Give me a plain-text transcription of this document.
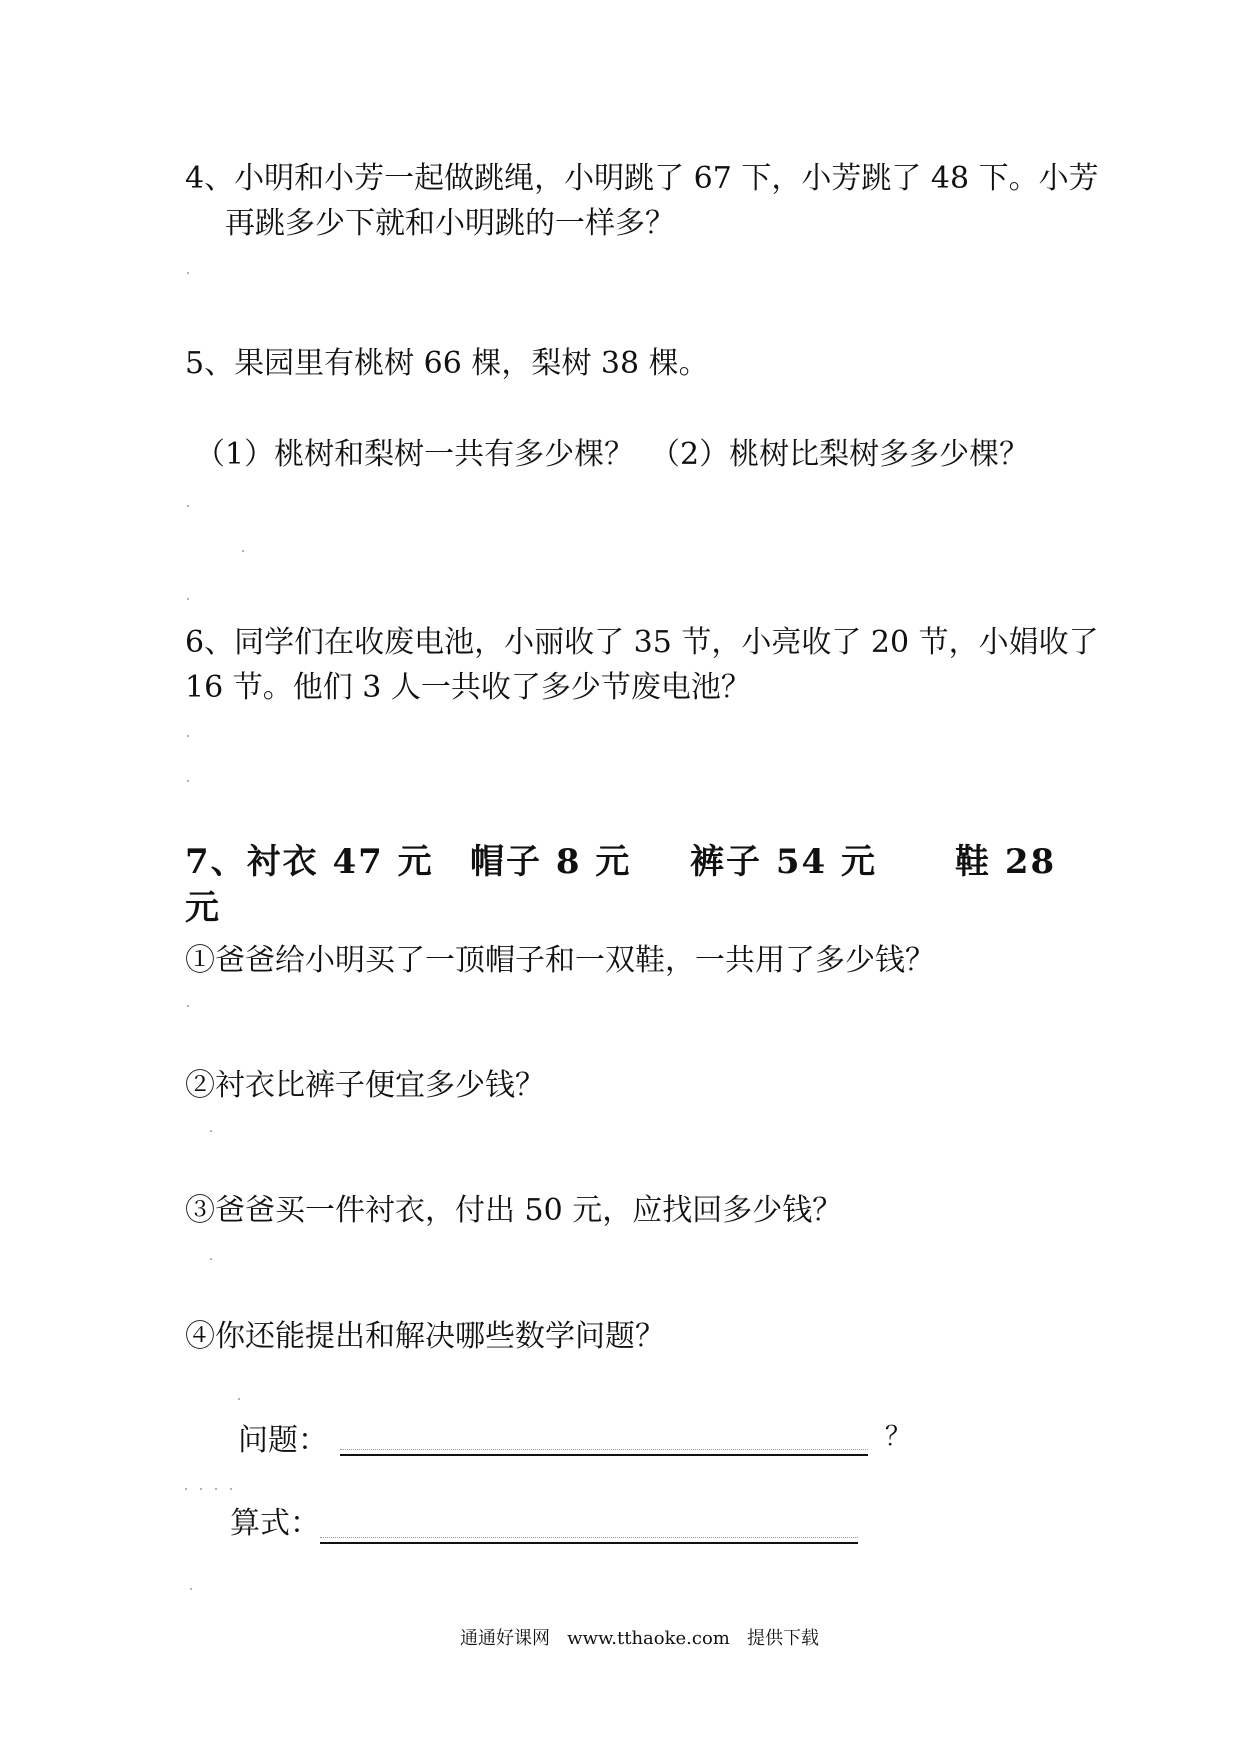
4、小明和小芳一起做跳绳，小明跳了 67 下，小芳跳了 48 下。小芳
再跳多少下就和小明跳的一样多？
5、果园里有桃树 66 棵，梨树 38 棵。
（1）桃树和梨树一共有多少棵？ （2）桃树比梨树多多少棵？
6、同学们在收废电池，小丽收了 35 节，小亮收了 20 节，小娟收了
16 节。他们 3 人一共收了多少节废电池？
7、衬衣 47 元 帽子 8 元 裤子 54 元 鞋 28
元
①爸爸给小明买了一顶帽子和一双鞋，一共用了多少钱？
②衬衣比裤子便宜多少钱？
③爸爸买一件衬衣，付出 50 元，应找回多少钱？
④你还能提出和解决哪些数学问题？
问题：	？
算式：
通通好课网 www.tthaoke.com 提供下载
